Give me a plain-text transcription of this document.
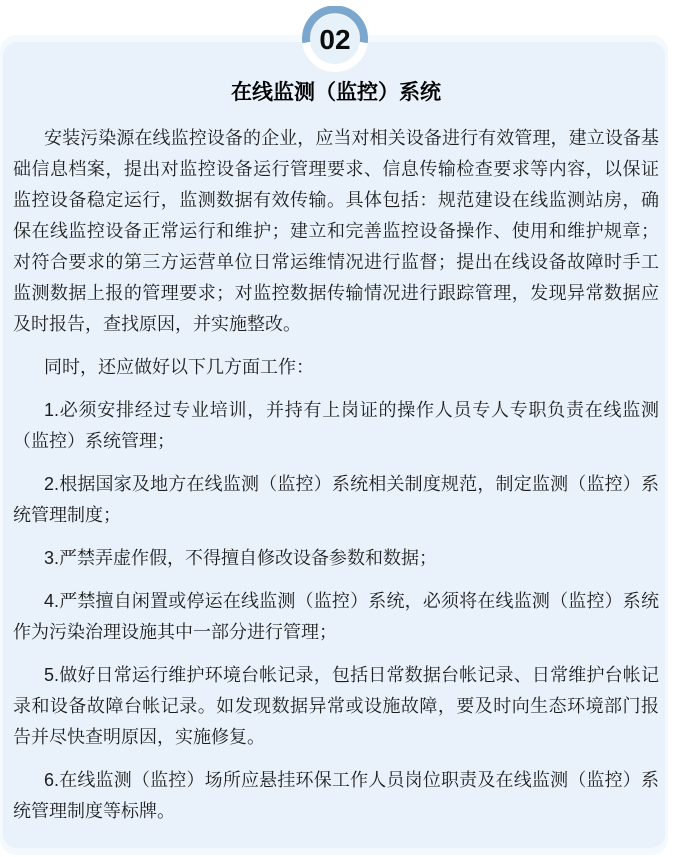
在线监测（监控）系统

安装污染源在线监控设备的企业，应当对相关设备进行有效管理，建立设备基础信息档案，提出对监控设备运行管理要求、信息传输检查要求等内容，以保证监控设备稳定运行，监测数据有效传输。具体包括：规范建设在线监测站房，确保在线监控设备正常运行和维护；建立和完善监控设备操作、使用和维护规章；对符合要求的第三方运营单位日常运维情况进行监督；提出在线设备故障时手工监测数据上报的管理要求；对监控数据传输情况进行跟踪管理，发现异常数据应及时报告，查找原因，并实施整改。

同时，还应做好以下几方面工作：

1.必须安排经过专业培训，并持有上岗证的操作人员专人专职负责在线监测（监控）系统管理；

2.根据国家及地方在线监测（监控）系统相关制度规范，制定监测（监控）系统管理制度；

3.严禁弄虚作假，不得擅自修改设备参数和数据；

4.严禁擅自闲置或停运在线监测（监控）系统，必须将在线监测（监控）系统作为污染治理设施其中一部分进行管理；

5.做好日常运行维护环境台帐记录，包括日常数据台帐记录、日常维护台帐记录和设备故障台帐记录。如发现数据异常或设施故障，要及时向生态环境部门报告并尽快查明原因，实施修复。

6.在线监测（监控）场所应悬挂环保工作人员岗位职责及在线监测（监控）系统管理制度等标牌。

02
